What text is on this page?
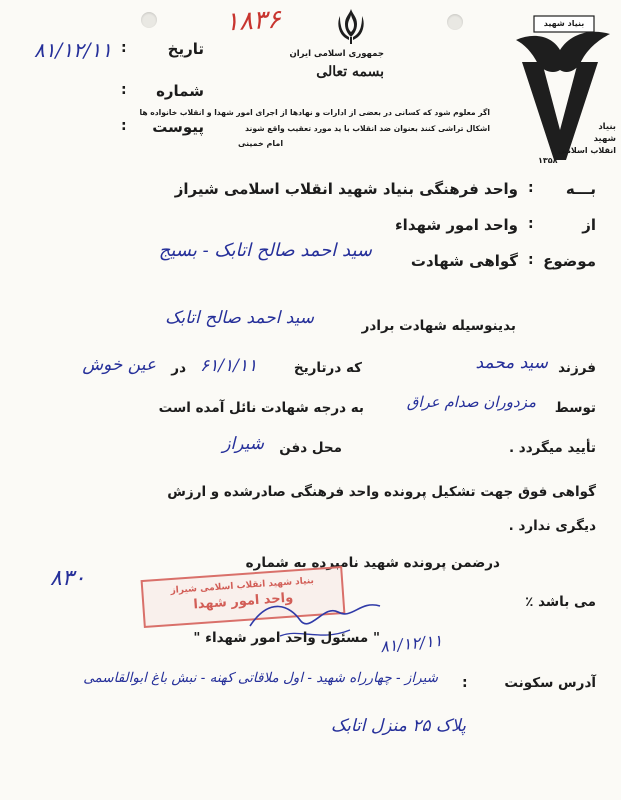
۱۸۳۶
جمهوری اسلامی ایران
بسمه تعالی
اگر معلوم شود که کسانی در بعضی از ادارات و نهادها از اجرای امور شهدا و انقلاب خانواده ها
اشکال تراشی کنند بعنوان ضد انقلاب با ید مورد تعقیب واقع شوند
امام خمینی
بنیاد شهید
بنیاد
شهید
انقلاب اسلامی
۱۳۵۸
تاریخ
:
۸۱/۱۲/۱۱
شماره
:
پیوست
:
بـــه
:
واحد فرهنگی بنیاد شهید انقلاب اسلامی شیراز
از
:
واحد امور شهداء
موضوع
:
گواهی شهادت
سید احمد صالح اتابک - بسیج
بدینوسیله شهادت برادر
سید احمد صالح اتابک
فرزند
سید محمد
که درتاریخ
۶۱/۱/۱۱
در
عین خوش
توسط
مزدوران صدام عراق
به درجه شهادت نائل آمده است
تأیید میگردد .
محل دفن
شیراز
گواهی فوق جهت تشکیل پرونده واحد فرهنگی صادرشده و ارزش
دیگری ندارد .
درضمن پرونده شهید نامبرده به شماره
۸۳۰
می باشد ٪
بنیاد شهید انقلاب اسلامی شیراز
واحد امور شهدا
" مسئول واحد امور شهداء " ۸۱/۱۲/۱۱
آدرس سکونت
:
شیراز - چهارراه شهید - اول ملاقاتی کهنه - نبش باغ ابوالقاسمی
پلاک ۲۵ منزل اتابک
